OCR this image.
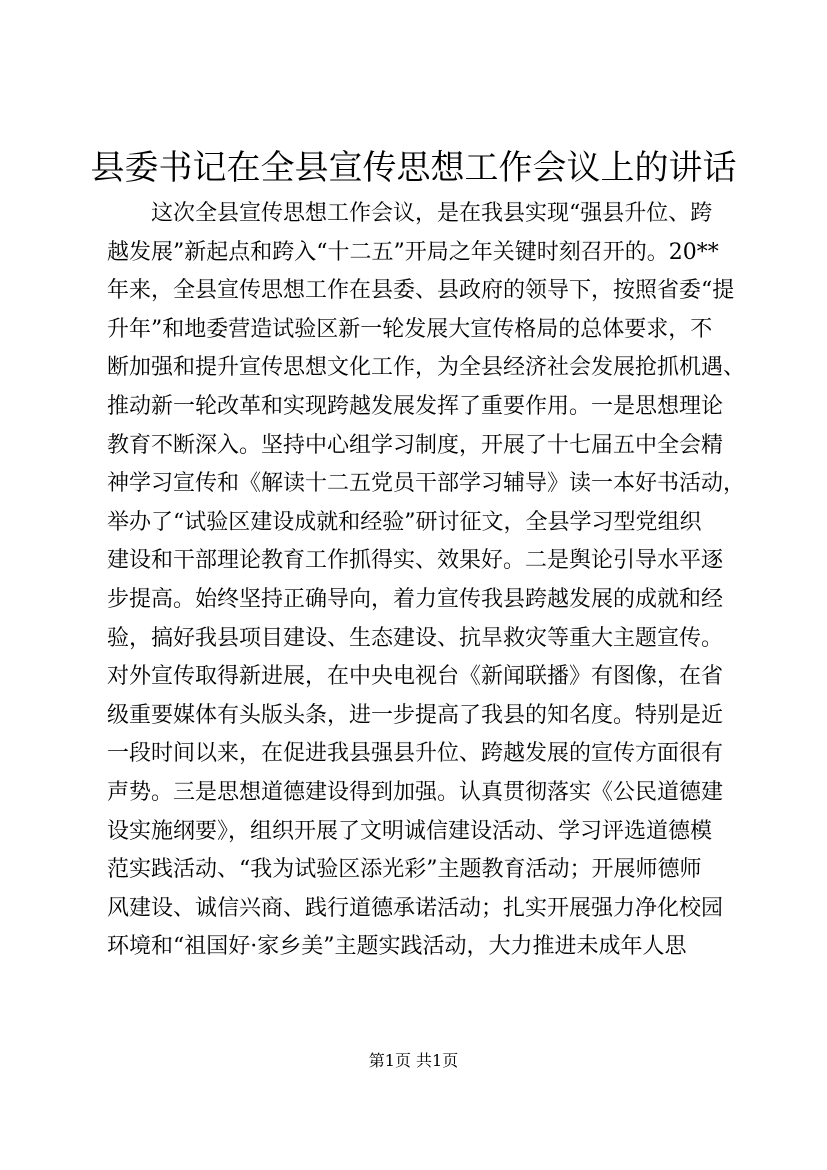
县委书记在全县宣传思想工作会议上的讲话
这次全县宣传思想工作会议，是在我县实现“强县升位、跨
越发展”新起点和跨入“十二五”开局之年关键时刻召开的。20**
年来，全县宣传思想工作在县委、县政府的领导下，按照省委“提
升年”和地委营造试验区新一轮发展大宣传格局的总体要求，不
断加强和提升宣传思想文化工作，为全县经济社会发展抢抓机遇、
推动新一轮改革和实现跨越发展发挥了重要作用。一是思想理论
教育不断深入。坚持中心组学习制度，开展了十七届五中全会精
神学习宣传和《解读十二五党员干部学习辅导》读一本好书活动，
举办了“试验区建设成就和经验”研讨征文，全县学习型党组织
建设和干部理论教育工作抓得实、效果好。二是舆论引导水平逐
步提高。始终坚持正确导向，着力宣传我县跨越发展的成就和经
验，搞好我县项目建设、生态建设、抗旱救灾等重大主题宣传。
对外宣传取得新进展，在中央电视台《新闻联播》有图像，在省
级重要媒体有头版头条，进一步提高了我县的知名度。特别是近
一段时间以来，在促进我县强县升位、跨越发展的宣传方面很有
声势。三是思想道德建设得到加强。认真贯彻落实《公民道德建
设实施纲要》，组织开展了文明诚信建设活动、学习评选道德模
范实践活动、“我为试验区添光彩”主题教育活动；开展师德师
风建设、诚信兴商、践行道德承诺活动；扎实开展强力净化校园
环境和“祖国好·家乡美”主题实践活动，大力推进未成年人思
第1页 共1页
